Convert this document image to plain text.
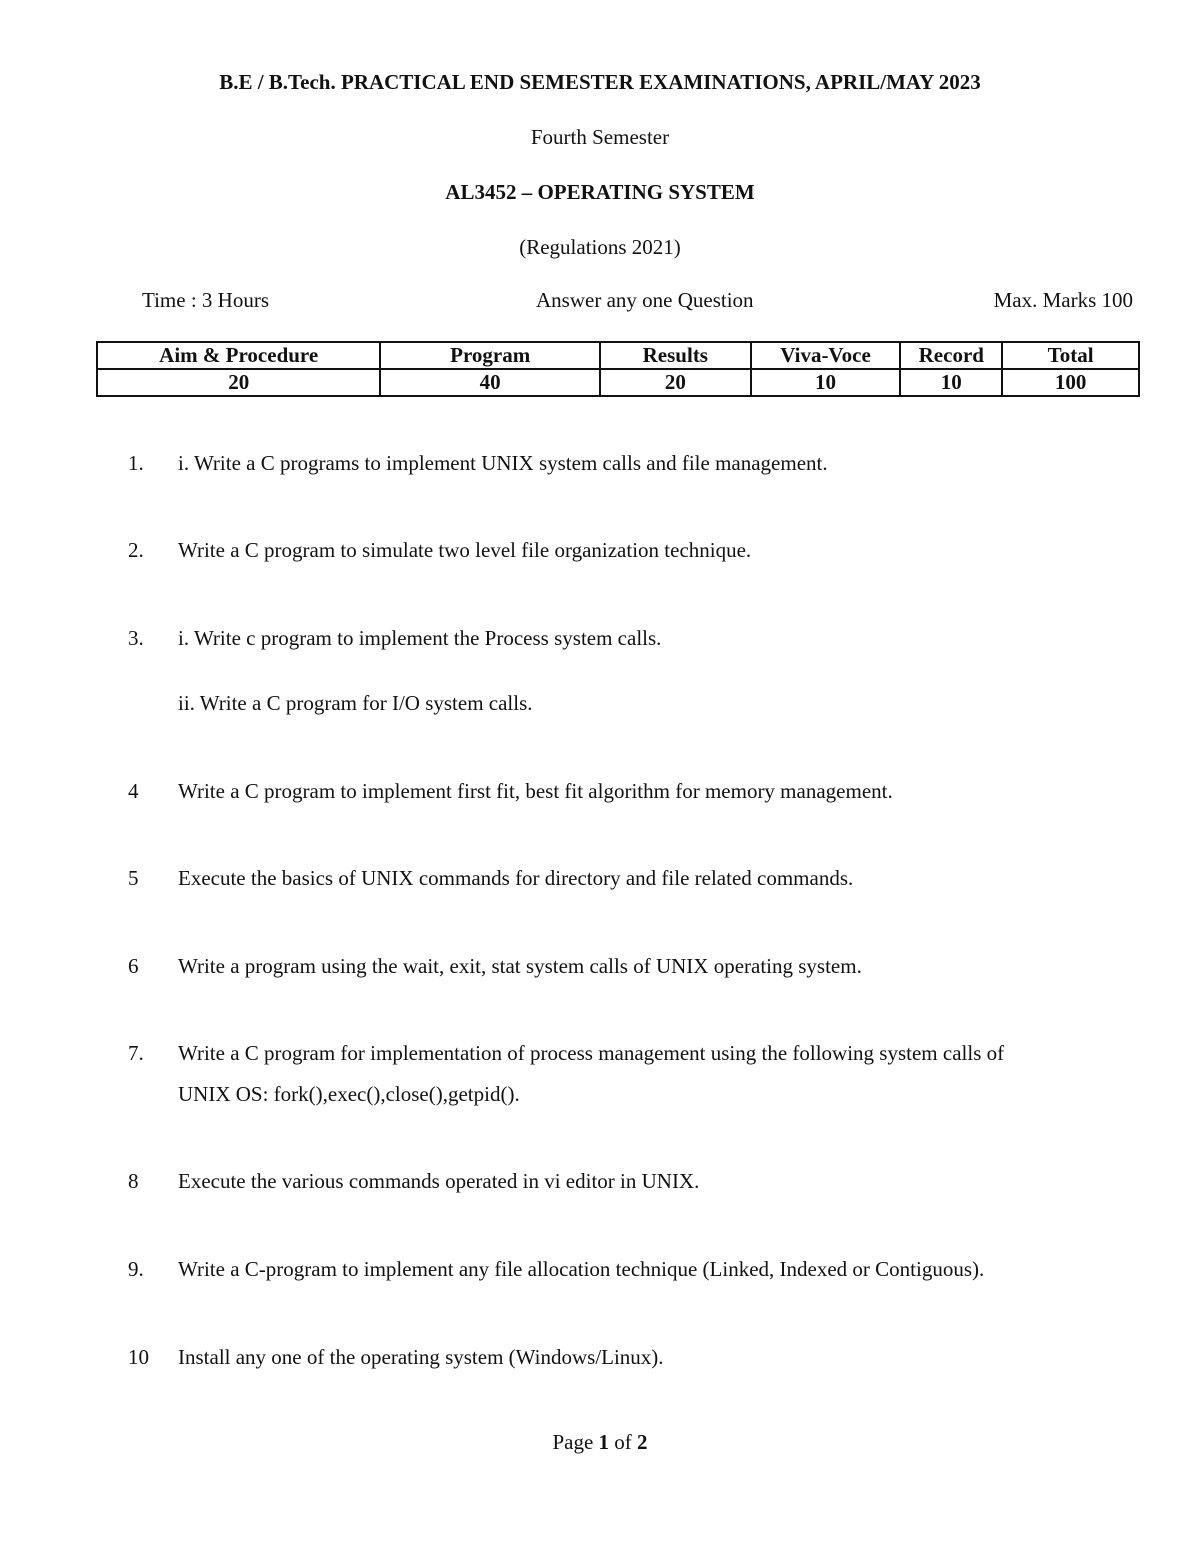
B.E / B.Tech. PRACTICAL END SEMESTER EXAMINATIONS, APRIL/MAY 2023
Fourth Semester
AL3452 – OPERATING SYSTEM
(Regulations 2021)
Time : 3 Hours	Answer any one Question	Max. Marks 100
Aim & Procedure	Program	Results	Viva-Voce	Record	Total
20	40	20	10	10	100
1. i. Write a C programs to implement UNIX system calls and file management.
2. Write a C program to simulate two level file organization technique.
3. i. Write c program to implement the Process system calls.
ii. Write a C program for I/O system calls.
4 Write a C program to implement first fit, best fit algorithm for memory management.
5 Execute the basics of UNIX commands for directory and file related commands.
6 Write a program using the wait, exit, stat system calls of UNIX operating system.
7. Write a C program for implementation of process management using the following system calls of
UNIX OS: fork(),exec(),close(),getpid().
8 Execute the various commands operated in vi editor in UNIX.
9. Write a C-program to implement any file allocation technique (Linked, Indexed or Contiguous).
10 Install any one of the operating system (Windows/Linux).
Page 1 of 2
